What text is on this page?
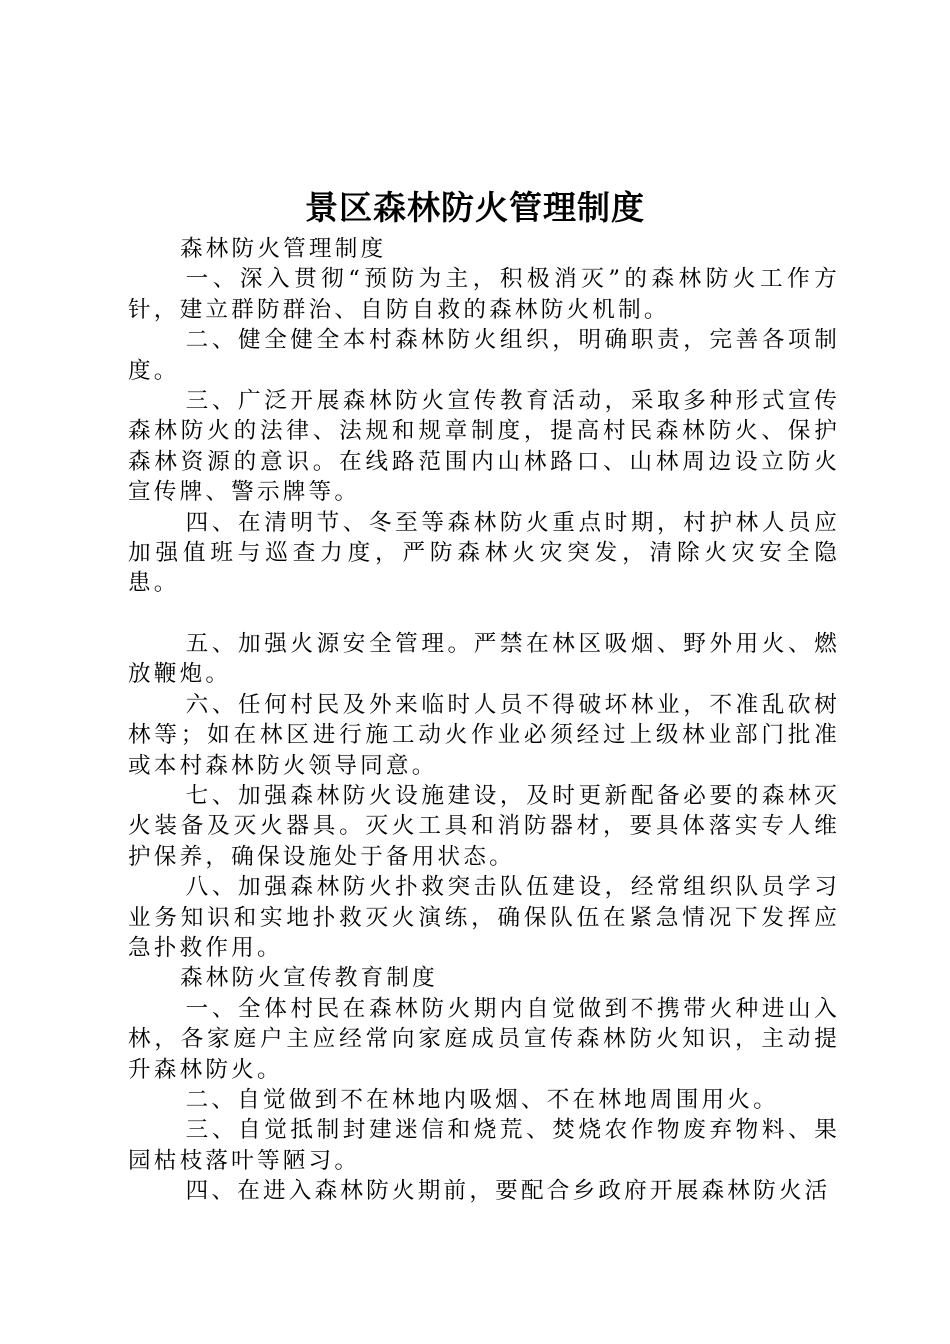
景区森林防火管理制度

森林防火管理制度

一、深入贯彻“预防为主，积极消灭”的森林防火工作方针，建立群防群治、自防自救的森林防火机制。

二、健全健全本村森林防火组织，明确职责，完善各项制度。

三、广泛开展森林防火宣传教育活动，采取多种形式宣传森林防火的法律、法规和规章制度，提高村民森林防火、保护森林资源的意识。在线路范围内山林路口、山林周边设立防火宣传牌、警示牌等。

四、在清明节、冬至等森林防火重点时期，村护林人员应加强值班与巡查力度，严防森林火灾突发，清除火灾安全隐患。

五、加强火源安全管理。严禁在林区吸烟、野外用火、燃放鞭炮。

六、任何村民及外来临时人员不得破坏林业，不准乱砍树林等；如在林区进行施工动火作业必须经过上级林业部门批准或本村森林防火领导同意。

七、加强森林防火设施建设，及时更新配备必要的森林灭火装备及灭火器具。灭火工具和消防器材，要具体落实专人维护保养，确保设施处于备用状态。

八、加强森林防火扑救突击队伍建设，经常组织队员学习业务知识和实地扑救灭火演练，确保队伍在紧急情况下发挥应急扑救作用。

森林防火宣传教育制度

一、全体村民在森林防火期内自觉做到不携带火种进山入林，各家庭户主应经常向家庭成员宣传森林防火知识，主动提升森林防火。

二、自觉做到不在林地内吸烟、不在林地周围用火。

三、自觉抵制封建迷信和烧荒、焚烧农作物废弃物料、果园枯枝落叶等陋习。

四、在进入森林防火期前，要配合乡政府开展森林防火活
